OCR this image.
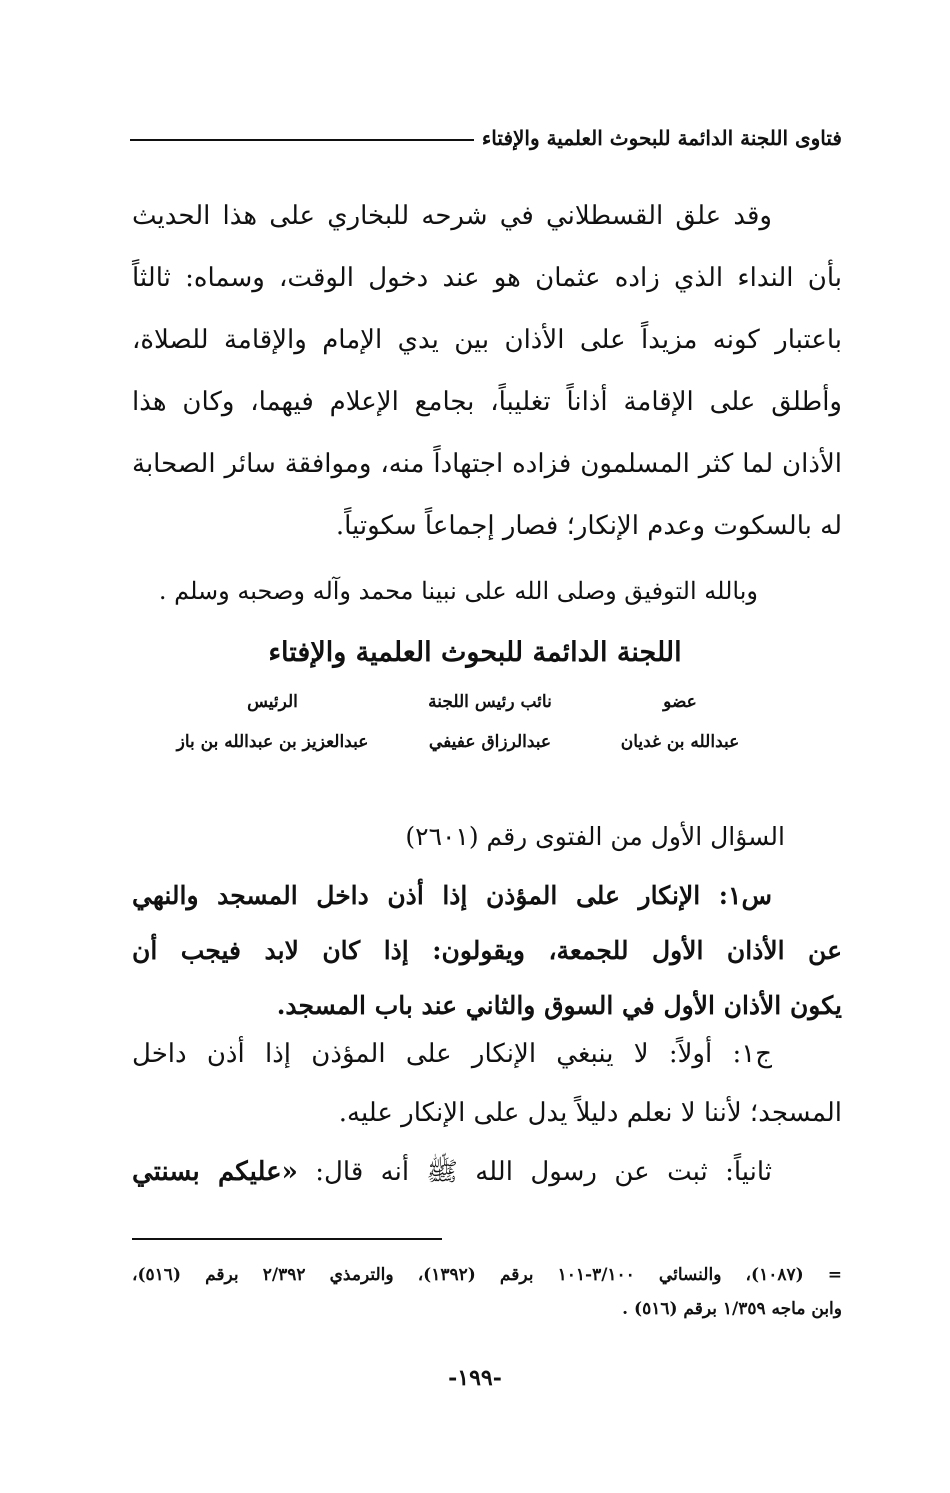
فتاوى اللجنة الدائمة للبحوث العلمية والإفتاء
وقد علق القسطلاني في شرحه للبخاري على هذا الحديث
بأن النداء الذي زاده عثمان هو عند دخول الوقت، وسماه: ثالثاً
باعتبار كونه مزيداً على الأذان بين يدي الإمام والإقامة للصلاة،
وأطلق على الإقامة أذاناً تغليباً، بجامع الإعلام فيهما، وكان هذا
الأذان لما كثر المسلمون فزاده اجتهاداً منه، وموافقة سائر الصحابة
له بالسكوت وعدم الإنكار؛ فصار إجماعاً سكوتياً.
وبالله التوفيق وصلى الله على نبينا محمد وآله وصحبه وسلم .
اللجنة الدائمة للبحوث العلمية والإفتاء
عضو
نائب رئيس اللجنة
الرئيس
عبدالله بن غديان
عبدالرزاق عفيفي
عبدالعزيز بن عبدالله بن باز
السؤال الأول من الفتوى رقم (٢٦٠١)
س١: الإنكار على المؤذن إذا أذن داخل المسجد والنهي
عن الأذان الأول للجمعة، ويقولون: إذا كان لابد فيجب أن
يكون الأذان الأول في السوق والثاني عند باب المسجد.
ج١: أولاً: لا ينبغي الإنكار على المؤذن إذا أذن داخل
المسجد؛ لأننا لا نعلم دليلاً يدل على الإنكار عليه.
ثانياً: ثبت عن رسول الله ﷺ أنه قال: «عليكم بسنتي
= (١٠٨٧)، والنسائي ٣/١٠٠-١٠١ برقم (١٣٩٢)، والترمذي ٢/٣٩٢ برقم (٥١٦)،
وابن ماجه ١/٣٥٩ برقم (٥١٦) .
-١٩٩-
